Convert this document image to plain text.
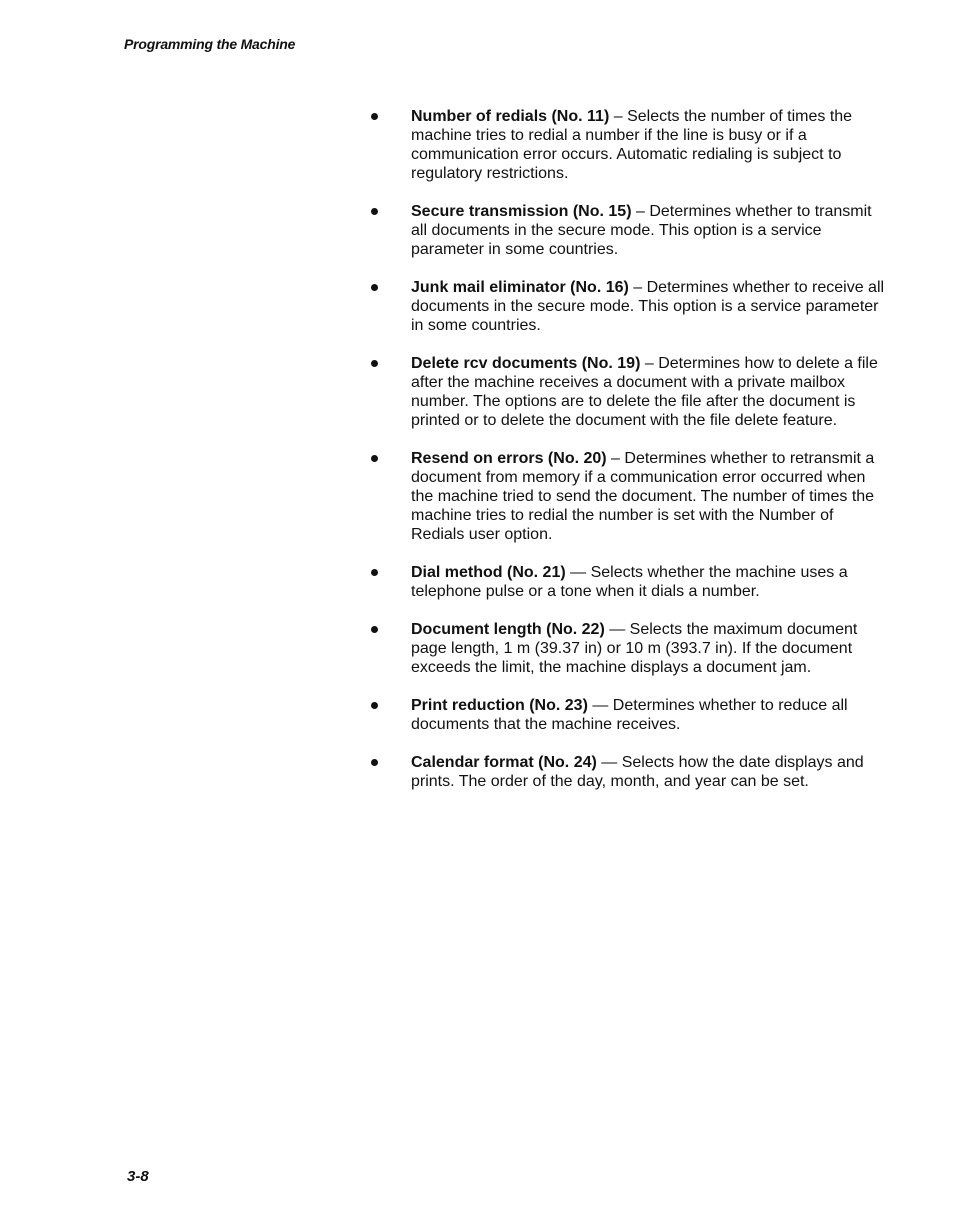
Programming the Machine
Number of redials (No. 11) – Selects the number of times the machine tries to redial a number if the line is busy or if a communication error occurs. Automatic redialing is subject to regulatory restrictions.
Secure transmission (No. 15) – Determines whether to transmit all documents in the secure mode. This option is a service parameter in some countries.
Junk mail eliminator (No. 16) – Determines whether to receive all documents in the secure mode. This option is a service parameter in some countries.
Delete rcv documents (No. 19) – Determines how to delete a file after the machine receives a document with a private mailbox number. The options are to delete the file after the document is printed or to delete the document with the file delete feature.
Resend on errors (No. 20) – Determines whether to retransmit a document from memory if a communication error occurred when the machine tried to send the document. The number of times the machine tries to redial the number is set with the Number of Redials user option.
Dial method (No. 21) — Selects whether the machine uses a telephone pulse or a tone when it dials a number.
Document length (No. 22) — Selects the maximum document page length, 1 m (39.37 in) or 10 m (393.7 in). If the document exceeds the limit, the machine displays a document jam.
Print reduction (No. 23) — Determines whether to reduce all documents that the machine receives.
Calendar format (No. 24) — Selects how the date displays and prints. The order of the day, month, and year can be set.
3-8
